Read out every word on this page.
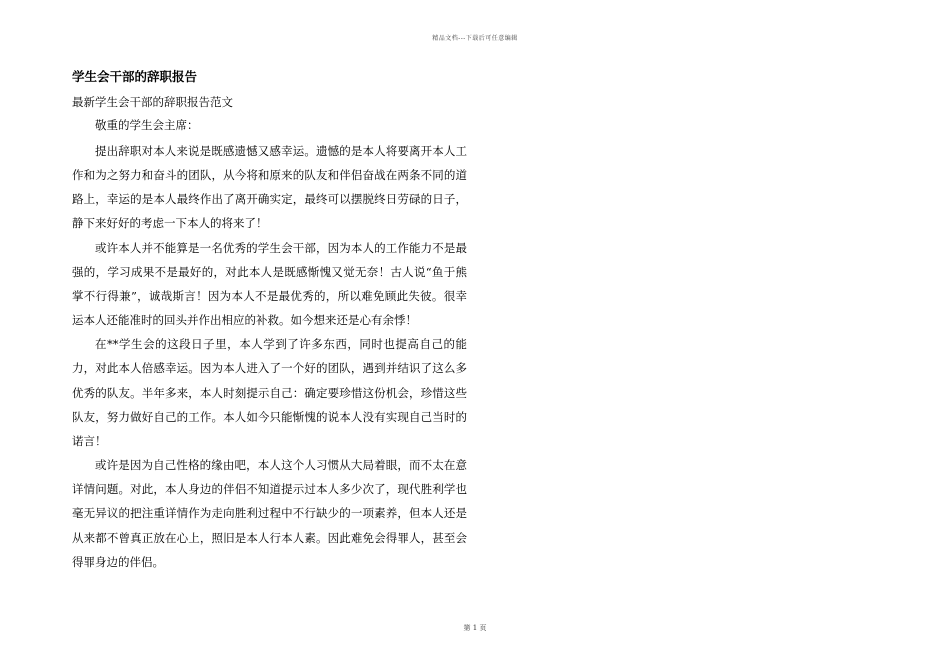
精品文档---下载后可任意编辑
学生会干部的辞职报告
最新学生会干部的辞职报告范文
敬重的学生会主席：

提出辞职对本人来说是既感遗憾又感幸运。遗憾的是本人将要离开本人工作和为之努力和奋斗的团队，从今将和原来的队友和伴侣奋战在两条不同的道路上，幸运的是本人最终作出了离开确实定，最终可以摆脱终日劳碌的日子，静下来好好的考虑一下本人的将来了！

或许本人并不能算是一名优秀的学生会干部，因为本人的工作能力不是最强的，学习成果不是最好的，对此本人是既感惭愧又觉无奈！古人说“鱼于熊掌不行得兼”，诚哉斯言！因为本人不是最优秀的，所以难免顾此失彼。很幸运本人还能准时的回头并作出相应的补救。如今想来还是心有余悸！

在**学生会的这段日子里，本人学到了许多东西，同时也提高自己的能力，对此本人倍感幸运。因为本人进入了一个好的团队，遇到并结识了这么多优秀的队友。半年多来，本人时刻提示自己：确定要珍惜这份机会，珍惜这些队友，努力做好自己的工作。本人如今只能惭愧的说本人没有实现自己当时的诺言！

或许是因为自己性格的缘由吧，本人这个人习惯从大局着眼，而不太在意详情问题。对此，本人身边的伴侣不知道提示过本人多少次了，现代胜利学也毫无异议的把注重详情作为走向胜利过程中不行缺少的一项素养，但本人还是从来都不曾真正放在心上，照旧是本人行本人素。因此难免会得罪人，甚至会得罪身边的伴侣。

第 1 页
